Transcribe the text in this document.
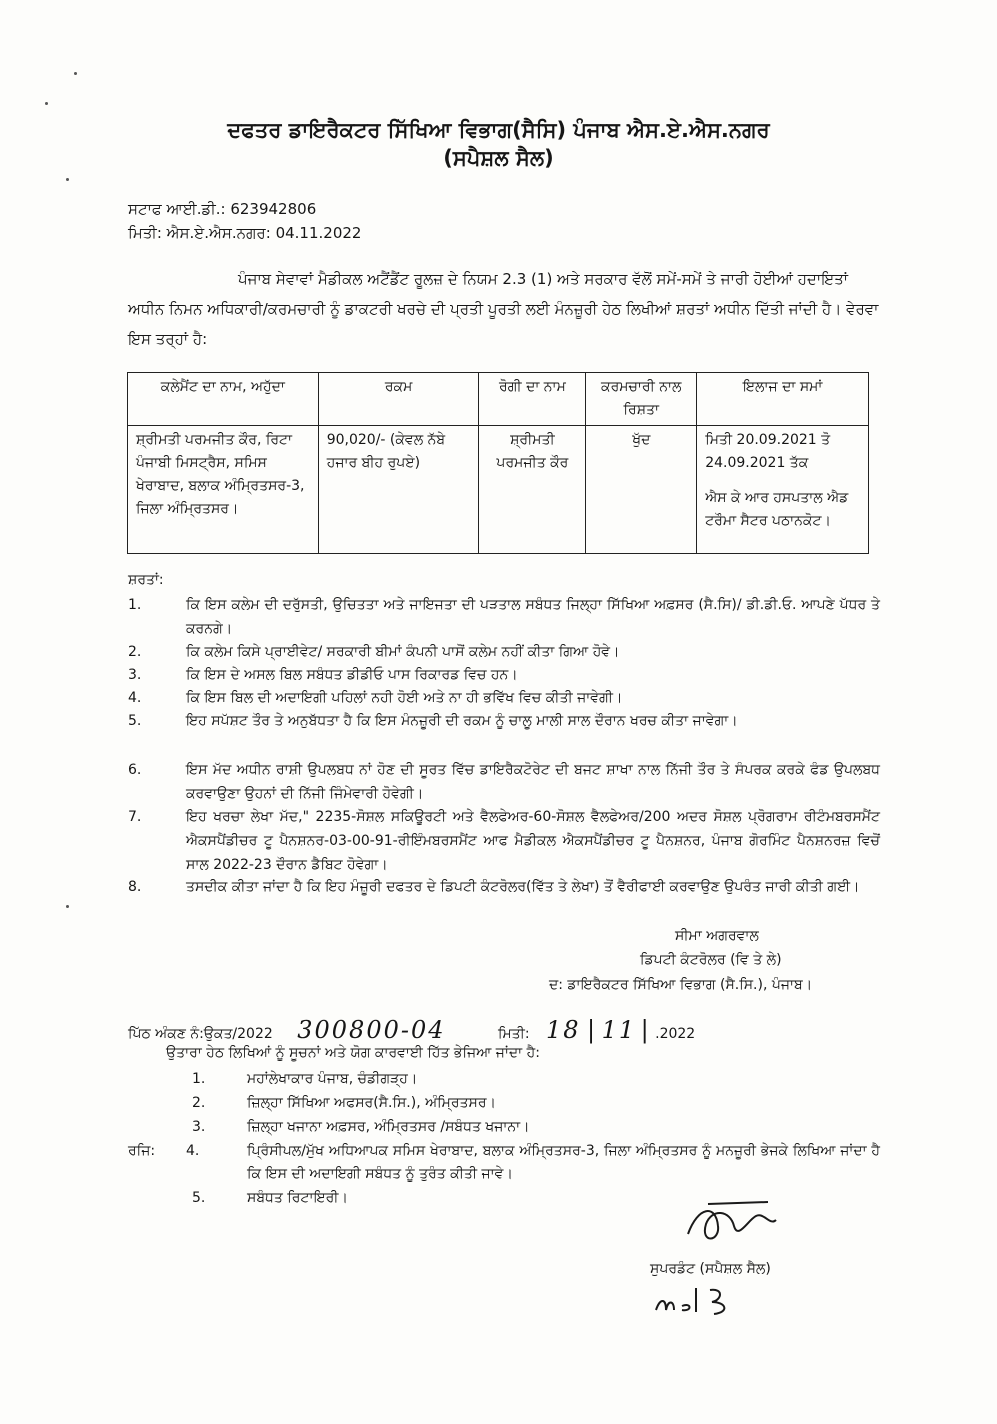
ਦਫਤਰ ਡਾਇਰੈਕਟਰ ਸਿੱਖਿਆ ਵਿਭਾਗ(ਸੈਸਿ) ਪੰਜਾਬ ਐਸ.ਏ.ਐਸ.ਨਗਰ
(ਸਪੈਸ਼ਲ ਸੈਲ)
ਸਟਾਫ ਆਈ.ਡੀ.: 623942806
ਮਿਤੀ: ਐਸ.ਏ.ਐਸ.ਨਗਰ: 04.11.2022
ਪੰਜਾਬ ਸੇਵਾਵਾਂ ਮੈਡੀਕਲ ਅਟੈਂਡੈਂਟ ਰੂਲਜ਼ ਦੇ ਨਿਯਮ 2.3 (1) ਅਤੇ ਸਰਕਾਰ ਵੱਲੋਂ ਸਮੇਂ-ਸਮੇਂ ਤੇ ਜਾਰੀ ਹੋਈਆਂ ਹਦਾਇਤਾਂ ਅਧੀਨ ਨਿਮਨ ਅਧਿਕਾਰੀ/ਕਰਮਚਾਰੀ ਨੂੰ ਡਾਕਟਰੀ ਖਰਚੇ ਦੀ ਪ੍ਰਤੀ ਪੂਰਤੀ ਲਈ ਮੰਨਜ਼ੂਰੀ ਹੇਠ ਲਿਖੀਆਂ ਸ਼ਰਤਾਂ ਅਧੀਨ ਦਿੱਤੀ ਜਾਂਦੀ ਹੈ। ਵੇਰਵਾ ਇਸ ਤਰ੍ਹਾਂ ਹੈ:
ਕਲੇਮੈਂਟ ਦਾ ਨਾਮ, ਅਹੁੱਦਾ	ਰਕਮ	ਰੋਗੀ ਦਾ ਨਾਮ	ਕਰਮਚਾਰੀ ਨਾਲ ਰਿਸ਼ਤਾ	ਇਲਾਜ ਦਾ ਸਮਾਂ
ਸ਼੍ਰੀਮਤੀ ਪਰਮਜੀਤ ਕੌਰ, ਰਿਟਾ ਪੰਜਾਬੀ ਮਿਸਟ੍ਰੈਸ, ਸਮਿਸ ਖੇਰਾਬਾਦ, ਬਲਾਕ ਅੰਮ੍ਰਿਤਸਰ-3, ਜਿਲਾ ਅੰਮ੍ਰਿਤਸਰ।	90,020/- (ਕੇਵਲ ਨੱਬੇ ਹਜਾਰ ਬੀਹ ਰੁਪਏ)	ਸ਼੍ਰੀਮਤੀ ਪਰਮਜੀਤ ਕੌਰ	ਖੁੱਦ	ਮਿਤੀ 20.09.2021 ਤੋ 24.09.2021 ਤੱਕ
ਐਸ ਕੇ ਆਰ ਹਸਪਤਾਲ ਐਡ ਟਰੌਮਾ ਸੈਟਰ ਪਠਾਨਕੋਟ।
ਸ਼ਰਤਾਂ:
1.	ਕਿ ਇਸ ਕਲੇਮ ਦੀ ਦਰੁੱਸਤੀ, ਉਚਿਤਤਾ ਅਤੇ ਜਾਇਜਤਾ ਦੀ ਪੜਤਾਲ ਸਬੰਧਤ ਜਿਲ੍ਹਾ ਸਿੱਖਿਆ ਅਫ਼ਸਰ (ਸੈ.ਸਿ)/ ਡੀ.ਡੀ.ਓ. ਆਪਣੇ ਪੱਧਰ ਤੇ ਕਰਨਗੇ।
2.	ਕਿ ਕਲੇਮ ਕਿਸੇ ਪ੍ਰਾਈਵੇਟ/ ਸਰਕਾਰੀ ਬੀਮਾਂ ਕੰਪਨੀ ਪਾਸੋਂ ਕਲੇਮ ਨਹੀਂ ਕੀਤਾ ਗਿਆ ਹੋਵੇ।
3.	ਕਿ ਇਸ ਦੇ ਅਸਲ ਬਿਲ ਸਬੰਧਤ ਡੀਡੀਓ ਪਾਸ ਰਿਕਾਰਡ ਵਿਚ ਹਨ।
4.	ਕਿ ਇਸ ਬਿਲ ਦੀ ਅਦਾਇਗੀ ਪਹਿਲਾਂ ਨਹੀ ਹੋਈ ਅਤੇ ਨਾ ਹੀ ਭਵਿੱਖ ਵਿਚ ਕੀਤੀ ਜਾਵੇਗੀ।
5.	ਇਹ ਸਪੱਸ਼ਟ ਤੌਰ ਤੇ ਅਨੁਬੱਧਤਾ ਹੈ ਕਿ ਇਸ ਮੰਨਜ਼ੂਰੀ ਦੀ ਰਕਮ ਨੂੰ ਚਾਲੂ ਮਾਲੀ ਸਾਲ ਦੌਰਾਨ ਖਰਚ ਕੀਤਾ ਜਾਵੇਗਾ।
6.	ਇਸ ਮੱਦ ਅਧੀਨ ਰਾਸ਼ੀ ਉਪਲਬਧ ਨਾਂ ਹੋਣ ਦੀ ਸੂਰਤ ਵਿੱਚ ਡਾਇਰੈਕਟੋਰੇਟ ਦੀ ਬਜਟ ਸ਼ਾਖਾ ਨਾਲ ਨਿੱਜੀ ਤੌਰ ਤੇ ਸੰਪਰਕ ਕਰਕੇ ਫੰਡ ਉਪਲਬਧ ਕਰਵਾਉਣਾ ਉਹਨਾਂ ਦੀ ਨਿੱਜੀ ਜਿੰਮੇਵਾਰੀ ਹੋਵੇਗੀ।
7.	ਇਹ ਖਰਚਾ ਲੇਖਾ ਮੱਦ," 2235-ਸੋਸ਼ਲ ਸਕਿਊਰਟੀ ਅਤੇ ਵੈਲਫੇਅਰ-60-ਸੋਸ਼ਲ ਵੈਲਫੇਅਰ/200 ਅਦਰ ਸੋਸ਼ਲ ਪ੍ਰੋਗਰਾਮ ਰੀਟੰਮਬਰਸਮੈਂਟ ਐਕਸਪੈਂਡੀਚਰ ਟੂ ਪੈਨਸ਼ਨਰ-03-00-91-ਰੀਇੰਮਬਰਸਮੈਂਟ ਆਫ ਮੈਡੀਕਲ ਐਕਸਪੈਂਡੀਚਰ ਟੂ ਪੈਨਸ਼ਨਰ, ਪੰਜਾਬ ਗੋਰਮਿੰਟ ਪੈਨਸ਼ਨਰਜ਼ ਵਿਚੋਂ ਸਾਲ 2022-23 ਦੌਰਾਨ ਡੈਬਿਟ ਹੋਵੇਗਾ।
8.	ਤਸਦੀਕ ਕੀਤਾ ਜਾਂਦਾ ਹੈ ਕਿ ਇਹ ਮੰਜ਼ੂਰੀ ਦਫਤਰ ਦੇ ਡਿਪਟੀ ਕੰਟਰੋਲਰ(ਵਿੱਤ ਤੇ ਲੇਖਾ) ਤੋਂ ਵੈਰੀਫਾਈ ਕਰਵਾਉਣ ਉਪਰੰਤ ਜਾਰੀ ਕੀਤੀ ਗਈ।
ਸੀਮਾ ਅਗਰਵਾਲ
ਡਿਪਟੀ ਕੰਟਰੋਲਰ (ਵਿ ਤੇ ਲੇ)
ਦ: ਡਾਇਰੈਕਟਰ ਸਿੱਖਿਆ ਵਿਭਾਗ (ਸੈ.ਸਿ.), ਪੰਜਾਬ।
ਪਿੱਠ ਅੰਕਣ ਨੰ:ਉਕਤ/2022 300800-04	ਮਿਤੀ: 18 | 11 | .2022
ਉਤਾਰਾ ਹੇਠ ਲਿਖਿਆਂ ਨੂੰ ਸੂਚਨਾਂ ਅਤੇ ਯੋਗ ਕਾਰਵਾਈ ਹਿੱਤ ਭੇਜਿਆ ਜਾਂਦਾ ਹੈ:
1.	ਮਹਾਂਲੇਖਾਕਾਰ ਪੰਜਾਬ, ਚੰਡੀਗੜ੍ਹ।
2.	ਜ਼ਿਲ੍ਹਾ ਸਿੱਖਿਆ ਅਫਸਰ(ਸੈ.ਸਿ.), ਅੰਮ੍ਰਿਤਸਰ।
3.	ਜ਼ਿਲ੍ਹਾ ਖਜਾਨਾ ਅਫ਼ਸਰ, ਅੰਮ੍ਰਿਤਸਰ /ਸਬੰਧਤ ਖਜਾਨਾ।
ਰਜਿ: 4.	ਪ੍ਰਿੰਸੀਪਲ/ਮੁੱਖ ਅਧਿਆਪਕ ਸਮਿਸ ਖੇਰਾਬਾਦ, ਬਲਾਕ ਅੰਮ੍ਰਿਤਸਰ-3, ਜਿਲਾ ਅੰਮ੍ਰਿਤਸਰ ਨੂੰ ਮਨਜ਼ੂਰੀ ਭੇਜਕੇ ਲਿਖਿਆ ਜਾਂਦਾ ਹੈ ਕਿ ਇਸ ਦੀ ਅਦਾਇਗੀ ਸਬੰਧਤ ਨੂੰ ਤੁਰੰਤ ਕੀਤੀ ਜਾਵੇ।
5.	ਸਬੰਧਤ ਰਿਟਾਇਰੀ।
ਸੁਪਰਡੰਟ (ਸਪੈਸ਼ਲ ਸੈਲ)
